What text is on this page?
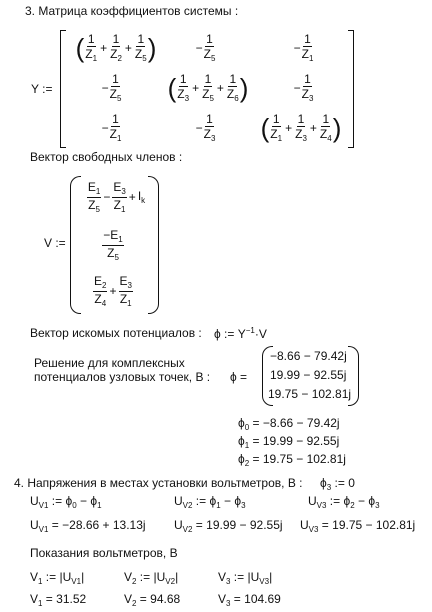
3. Матрица коэффициентов системы :
Y :=
( $\frac{1}{Z_1} + \frac{1}{Z_2} + \frac{1}{Z_5}$ )	− $\frac{1}{Z_5}$	− $\frac{1}{Z_1}$
− $\frac{1}{Z_5}$ ( $\frac{1}{Z_3} + \frac{1}{Z_5} + \frac{1}{Z_6}$ )	− $\frac{1}{Z_3}$
− $\frac{1}{Z_1}$	− $\frac{1}{Z_3}$ ( $\frac{1}{Z_1} + \frac{1}{Z_3} + \frac{1}{Z_4}$ )
Вектор свободных членов :
V :=
$\frac{E_1}{Z_5} - \frac{E_3}{Z_1} + I_k$
$\frac{-E_1}{Z_5}$
$\frac{E_2}{Z_4} + \frac{E_3}{Z_1}$
Вектор искомых потенциалов : ϕ := $Y^{-1}\cdot V$
Решение для комплексных
потенциалов узловых точек, В : ϕ =
−8.66 − 79.42j
19.99 − 92.55j
19.75 − 102.81j
$\phi_0 = -8.66 - 79.42j$
$\phi_1 = 19.99 - 92.55j$
$\phi_2 = 19.75 - 102.81j$
4. Напряжения в местах установки вольтметров, В : $\phi_3$ := 0
$U_{V1}$ := $\phi_0 - \phi_1$	$U_{V2}$ := $\phi_1 - \phi_3$	$U_{V3}$ := $\phi_2 - \phi_3$
$U_{V1} = -28.66 + 13.13j$ $U_{V2} = 19.99 - 92.55j$ $U_{V3} = 19.75 - 102.81j$
Показания вольтметров, В
$V_1$ := $|U_{V1}|$	$V_2$ := $|U_{V2}|$	$V_3$ := $|U_{V3}|$
$V_1 = 31.52$	$V_2 = 94.68$	$V_3 = 104.69$
